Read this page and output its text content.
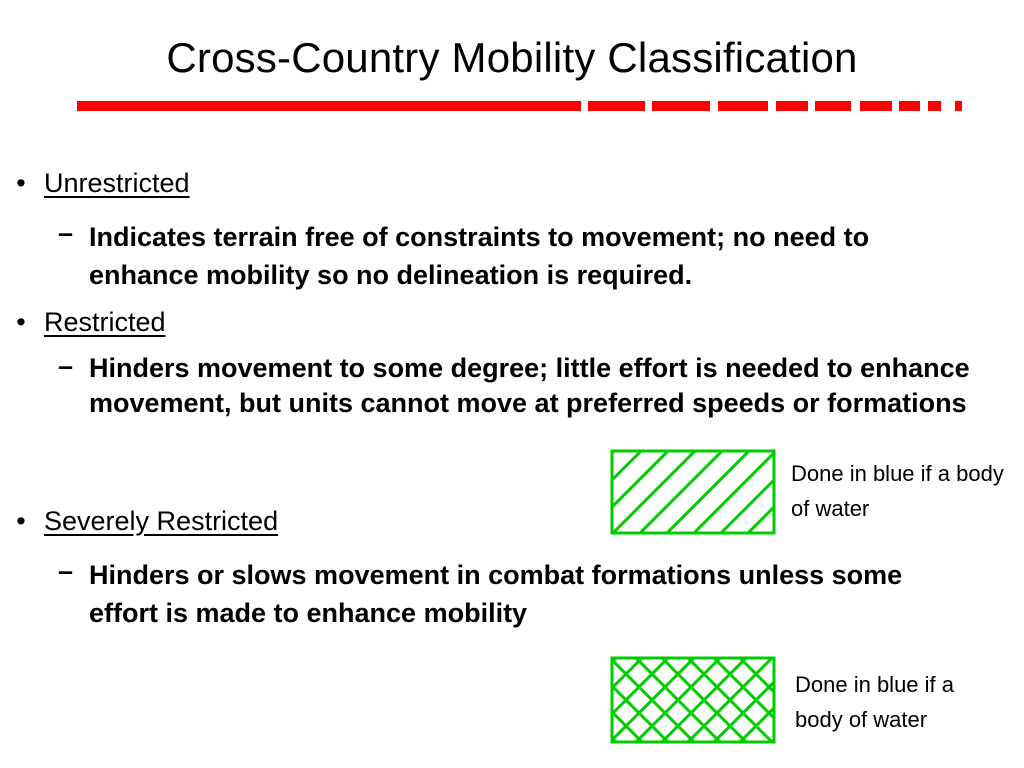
Cross-Country Mobility Classification
• Unrestricted
– Indicates terrain free of constraints to movement; no need to enhance mobility so no delineation is required.
• Restricted
– Hinders movement to some degree; little effort is needed to enhance movement, but units cannot move at preferred speeds or formations
• Severely Restricted
– Hinders or slows movement in combat formations unless some effort is made to enhance mobility
Done in blue if a body of water
Done in blue if a body of water
